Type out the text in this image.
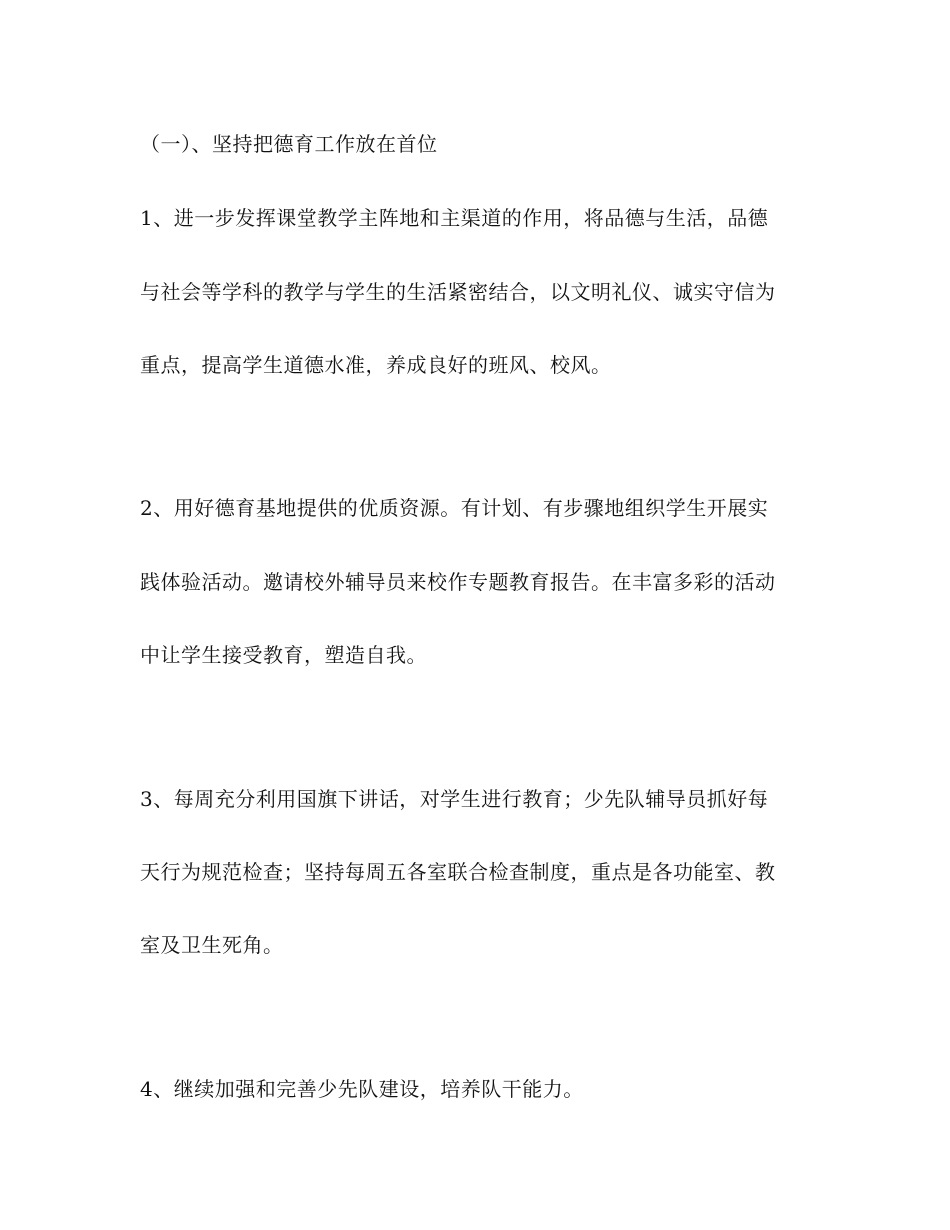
（一）、坚持把德育工作放在首位
1、进一步发挥课堂教学主阵地和主渠道的作用，将品德与生活，品德
与社会等学科的教学与学生的生活紧密结合，以文明礼仪、诚实守信为
重点，提高学生道德水准，养成良好的班风、校风。
2、用好德育基地提供的优质资源。有计划、有步骤地组织学生开展实
践体验活动。邀请校外辅导员来校作专题教育报告。在丰富多彩的活动
中让学生接受教育，塑造自我。
3、每周充分利用国旗下讲话，对学生进行教育；少先队辅导员抓好每
天行为规范检查；坚持每周五各室联合检查制度，重点是各功能室、教
室及卫生死角。
4、继续加强和完善少先队建设，培养队干能力。
